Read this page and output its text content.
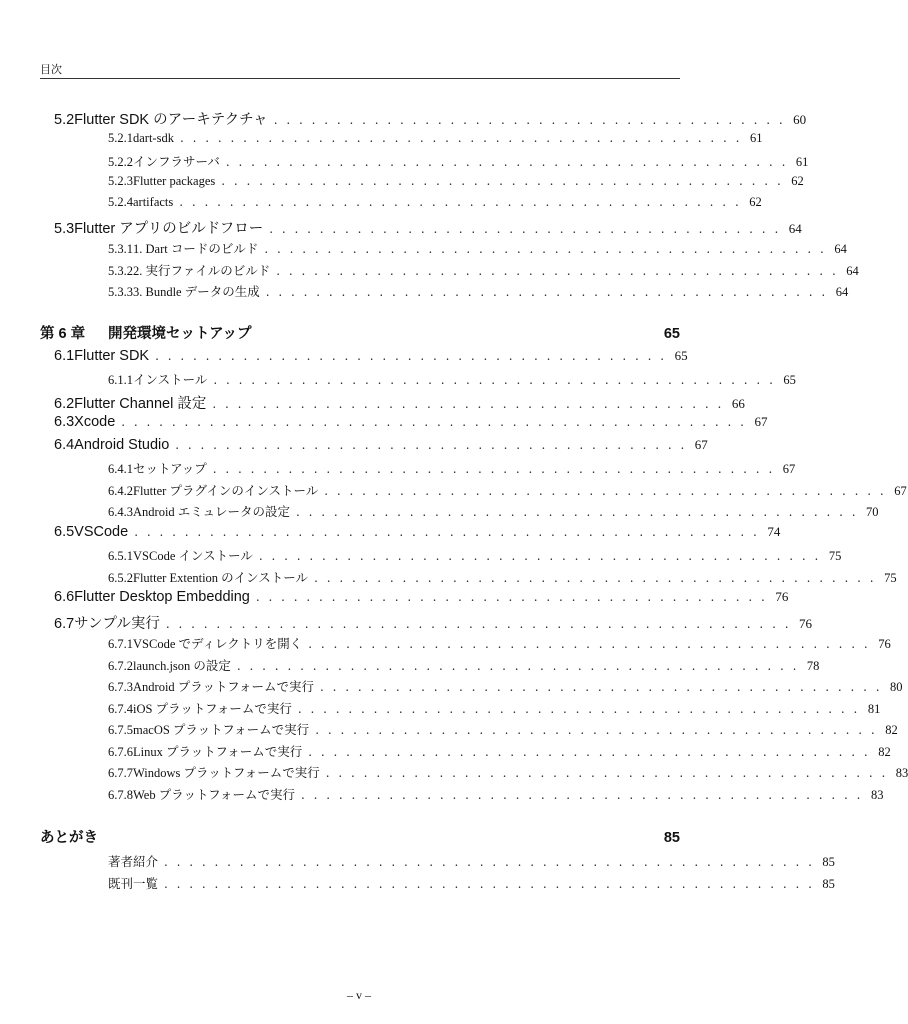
目次
5.2 Flutter SDK のアーキテクチャ . . . . . . . . . . . . . . . . . . . . . . . . . . . . . . . . . . . . . . . . . 60
5.2.1 dart-sdk . . . . . . . . . . . . . . . . . . . . . . . . . . . . . . . . . . . . . . . . . . . . . 61
5.2.2 インフラサーバ . . . . . . . . . . . . . . . . . . . . . . . . . . . . . . . . . . . . . . . . . . . . . 61
5.2.3 Flutter packages . . . . . . . . . . . . . . . . . . . . . . . . . . . . . . . . . . . . . . . . . . . . . 62
5.2.4 artifacts . . . . . . . . . . . . . . . . . . . . . . . . . . . . . . . . . . . . . . . . . . . . . 62
5.3 Flutter アプリのビルドフロー . . . . . . . . . . . . . . . . . . . . . . . . . . . . . . . . . . . . . . . . . 64
5.3.1 1. Dart コードのビルド . . . . . . . . . . . . . . . . . . . . . . . . . . . . . . . . . . . . . . . . . . . . . 64
5.3.2 2. 実行ファイルのビルド . . . . . . . . . . . . . . . . . . . . . . . . . . . . . . . . . . . . . . . . . . . . . 64
5.3.3 3. Bundle データの生成 . . . . . . . . . . . . . . . . . . . . . . . . . . . . . . . . . . . . . . . . . . . . . 64
第 6 章	開発環境セットアップ	65
6.1 Flutter SDK . . . . . . . . . . . . . . . . . . . . . . . . . . . . . . . . . . . . . . . . . 65
6.1.1 インストール . . . . . . . . . . . . . . . . . . . . . . . . . . . . . . . . . . . . . . . . . . . . . 65
6.2 Flutter Channel 設定 . . . . . . . . . . . . . . . . . . . . . . . . . . . . . . . . . . . . . . . . . 66
6.3 Xcode . . . . . . . . . . . . . . . . . . . . . . . . . . . . . . . . . . . . . . . . . . . . . . . . . . 67
6.4 Android Studio . . . . . . . . . . . . . . . . . . . . . . . . . . . . . . . . . . . . . . . . . 67
6.4.1 セットアップ . . . . . . . . . . . . . . . . . . . . . . . . . . . . . . . . . . . . . . . . . . . . . 67
6.4.2 Flutter プラグインのインストール . . . . . . . . . . . . . . . . . . . . . . . . . . . . . . . . . . . . . . . . . . . . . 67
6.4.3 Android エミュレータの設定 . . . . . . . . . . . . . . . . . . . . . . . . . . . . . . . . . . . . . . . . . . . . . 70
6.5 VSCode . . . . . . . . . . . . . . . . . . . . . . . . . . . . . . . . . . . . . . . . . . . . . . . . . . 74
6.5.1 VSCode インストール . . . . . . . . . . . . . . . . . . . . . . . . . . . . . . . . . . . . . . . . . . . . . 75
6.5.2 Flutter Extention のインストール . . . . . . . . . . . . . . . . . . . . . . . . . . . . . . . . . . . . . . . . . . . . . 75
6.6 Flutter Desktop Embedding . . . . . . . . . . . . . . . . . . . . . . . . . . . . . . . . . . . . . . . . . 76
6.7 サンプル実行 . . . . . . . . . . . . . . . . . . . . . . . . . . . . . . . . . . . . . . . . . . . . . . . . . . 76
6.7.1 VSCode でディレクトリを開く . . . . . . . . . . . . . . . . . . . . . . . . . . . . . . . . . . . . . . . . . . . . . 76
6.7.2 launch.json の設定 . . . . . . . . . . . . . . . . . . . . . . . . . . . . . . . . . . . . . . . . . . . . . 78
6.7.3 Android プラットフォームで実行 . . . . . . . . . . . . . . . . . . . . . . . . . . . . . . . . . . . . . . . . . . . . . 80
6.7.4 iOS プラットフォームで実行 . . . . . . . . . . . . . . . . . . . . . . . . . . . . . . . . . . . . . . . . . . . . . 81
6.7.5 macOS プラットフォームで実行 . . . . . . . . . . . . . . . . . . . . . . . . . . . . . . . . . . . . . . . . . . . . . 82
6.7.6 Linux プラットフォームで実行 . . . . . . . . . . . . . . . . . . . . . . . . . . . . . . . . . . . . . . . . . . . . . 82
6.7.7 Windows プラットフォームで実行 . . . . . . . . . . . . . . . . . . . . . . . . . . . . . . . . . . . . . . . . . . . . . 83
6.7.8 Web プラットフォームで実行 . . . . . . . . . . . . . . . . . . . . . . . . . . . . . . . . . . . . . . . . . . . . . 83
あとがき	85
著者紹介 . . . . . . . . . . . . . . . . . . . . . . . . . . . . . . . . . . . . . . . . . . . . . . . . . . . . 85
既刊一覧 . . . . . . . . . . . . . . . . . . . . . . . . . . . . . . . . . . . . . . . . . . . . . . . . . . . . 85
– v –
